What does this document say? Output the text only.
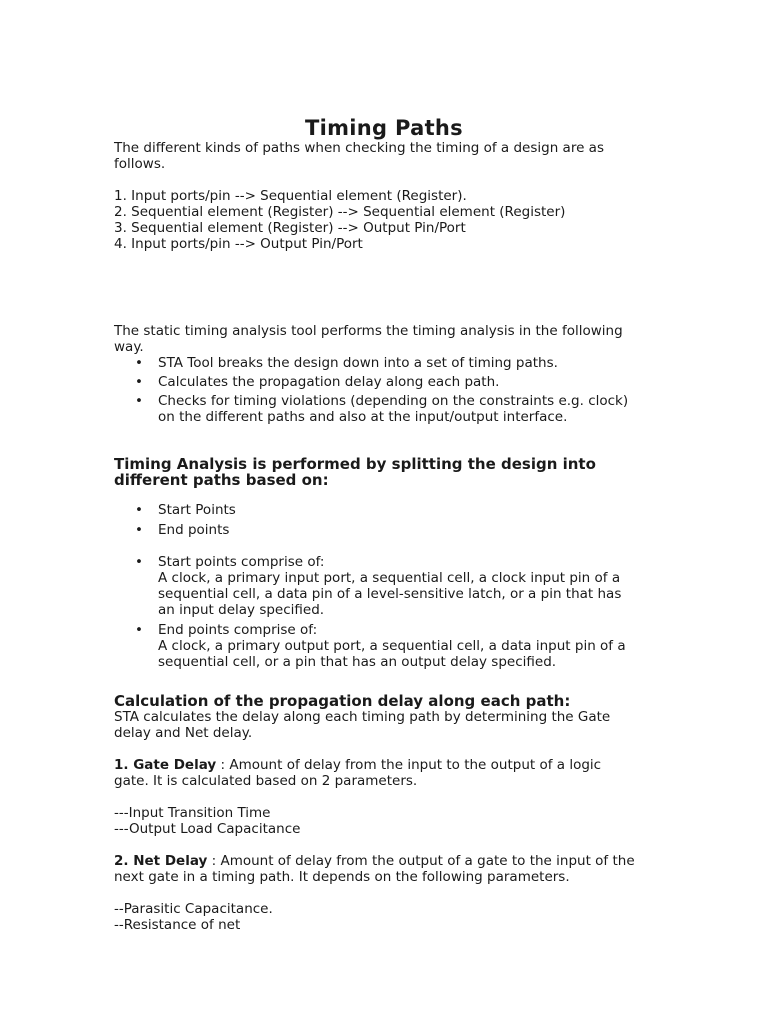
Timing Paths

The different kinds of paths when checking the timing of a design are as

follows.

1. Input ports/pin --> Sequential element (Register).

2. Sequential element (Register) --> Sequential element (Register)

3. Sequential element (Register) --> Output Pin/Port

4. Input ports/pin --> Output Pin/Port

The static timing analysis tool performs the timing analysis in the following

way.

• STA Tool breaks the design down into a set of timing paths.
• Calculates the propagation delay along each path.
• Checks for timing violations (depending on the constraints e.g. clock)
on the different paths and also at the input/output interface.
Timing Analysis is performed by splitting the design into
different paths based on:
• Start Points
• End points
• Start points comprise of:
A clock, a primary input port, a sequential cell, a clock input pin of a
sequential cell, a data pin of a level-sensitive latch, or a pin that has
an input delay specified.
• End points comprise of:
A clock, a primary output port, a sequential cell, a data input pin of a
sequential cell, or a pin that has an output delay specified.
Calculation of the propagation delay along each path:

STA calculates the delay along each timing path by determining the Gate

delay and Net delay.

1. Gate Delay : Amount of delay from the input to the output of a logic

gate. It is calculated based on 2 parameters.

---Input Transition Time

---Output Load Capacitance

2. Net Delay : Amount of delay from the output of a gate to the input of the

next gate in a timing path. It depends on the following parameters.

--Parasitic Capacitance.

--Resistance of net
